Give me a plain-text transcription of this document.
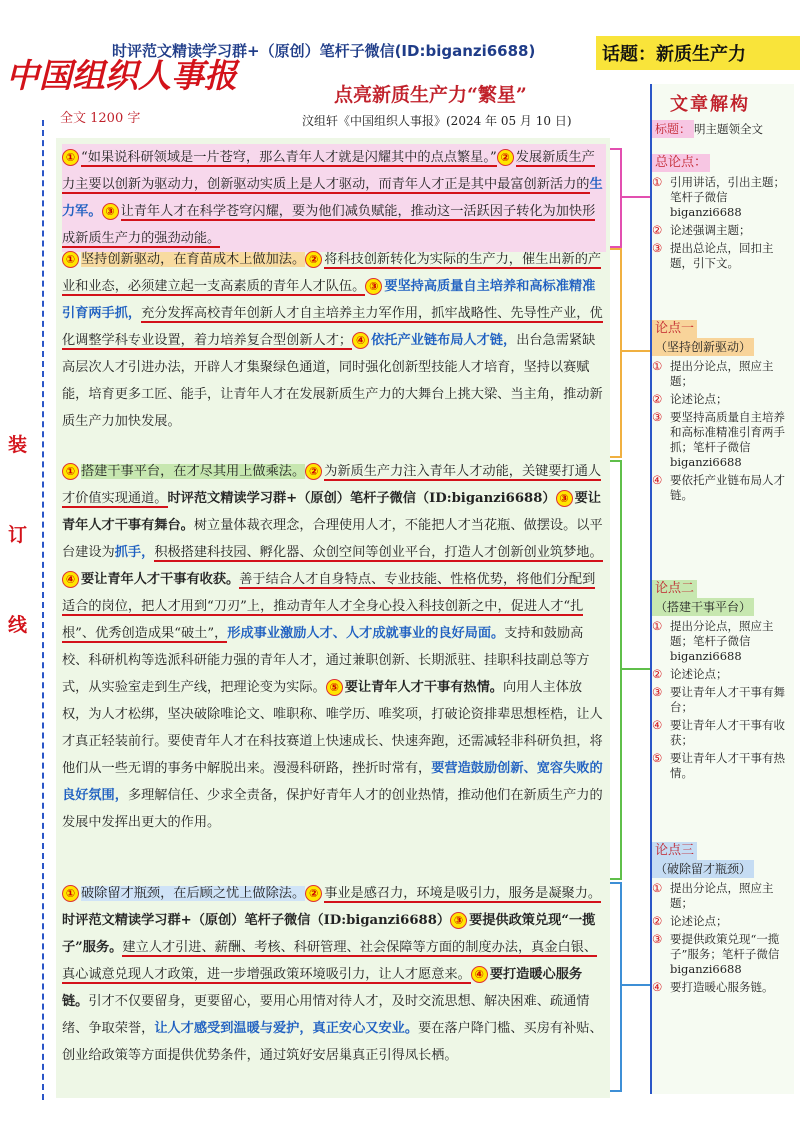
时评范文精读学习群+（原创）笔杆子微信(ID:biganzi6688)	话题：新质生产力
中国组织人事报	点亮新质生产力“繁星”
全文 1200 字	汶组轩《中国组织人事报》(2024 年 05 月 10 日)
装
订
线
① “如果说科研领域是一片苍穹，那么青年人才就是闪耀其中的点点繁星。” ② 发展新质生产力主要以创新为驱动力，创新驱动实质上是人才驱动，而青年人才正是其中最富创新活力的生力军。 ③ 让青年人才在科学苍穹闪耀，要为他们减负赋能，推动这一活跃因子转化为加快形成新质生产力的强劲动能。
① 坚持创新驱动，在育苗成木上做加法。 ② 将科技创新转化为实际的生产力，催生出新的产业和业态，必须建立起一支高素质的青年人才队伍。 ③ 要坚持高质量自主培养和高标准精准引育两手抓，充分发挥高校青年创新人才自主培养主力军作用，抓牢战略性、先导性产业，优化调整学科专业设置，着力培养复合型创新人才； ④ 依托产业链布局人才链，出台急需紧缺高层次人才引进办法，开辟人才集聚绿色通道，同时强化创新型技能人才培育，坚持以赛赋能，培育更多工匠、能手，让青年人才在发展新质生产力的大舞台上挑大梁、当主角，推动新质生产力加快发展。
① 搭建干事平台，在才尽其用上做乘法。 ② 为新质生产力注入青年人才动能，关键要打通人才价值实现通道。时评范文精读学习群+（原创）笔杆子微信（ID:biganzi6688） ③ 要让青年人才干事有舞台。树立量体裁衣理念，合理使用人才，不能把人才当花瓶、做摆设。以平台建设为抓手，积极搭建科技园、孵化器、众创空间等创业平台，打造人才创新创业筑梦地。④ 要让青年人才干事有收获。善于结合人才自身特点、专业技能、性格优势，将他们分配到适合的岗位，把人才用到“刀刃”上，推动青年人才全身心投入科技创新之中，促进人才“扎根”、优秀创造成果“破土”，形成事业激励人才、人才成就事业的良好局面。支持和鼓励高校、科研机构等选派科研能力强的青年人才，通过兼职创新、长期派驻、挂职科技副总等方式，从实验室走到生产线，把理论变为实际。 ⑤ 要让青年人才干事有热情。向用人主体放权，为人才松绑，坚决破除唯论文、唯职称、唯学历、唯奖项，打破论资排辈思想桎梏，让人才真正轻装前行。要使青年人才在科技赛道上快速成长、快速奔跑，还需减轻非科研负担，将他们从一些无谓的事务中解脱出来。漫漫科研路，挫折时常有，要营造鼓励创新、宽容失败的良好氛围，多理解信任、少求全责备，保护好青年人才的创业热情，推动他们在新质生产力的发展中发挥出更大的作用。
① 破除留才瓶颈，在后顾之忧上做除法。 ② 事业是感召力，环境是吸引力，服务是凝聚力。时评范文精读学习群+（原创）笔杆子微信（ID:biganzi6688） ③ 要提供政策兑现“一揽子”服务。建立人才引进、薪酬、考核、科研管理、社会保障等方面的制度办法，真金白银、真心诚意兑现人才政策，进一步增强政策环境吸引力，让人才愿意来。 ④ 要打造暖心服务链。引才不仅要留身，更要留心，要用心用情对待人才，及时交流思想、解决困难、疏通情绪、争取荣誉，让人才感受到温暖与爱护，真正安心又安业。要在落户降门槛、买房有补贴、创业给政策等方面提供优势条件，通过筑好安居巢真正引得凤长栖。
文章解构
标题： 明主题领全文
总论点：
① 引用讲话，引出主题；笔杆子微信 biganzi6688
② 论述强调主题；
③ 提出总论点，回扣主题，引下文。
论点一
（坚持创新驱动）
① 提出分论点，照应主题；
② 论述论点；
③ 要坚持高质量自主培养和高标准精准引育两手抓；笔杆子微信 biganzi6688
④ 要依托产业链布局人才链。
论点二
（搭建干事平台）
① 提出分论点，照应主题；笔杆子微信 biganzi6688
② 论述论点；
③ 要让青年人才干事有舞台；
④ 要让青年人才干事有收获；
⑤ 要让青年人才干事有热情。
论点三
（破除留才瓶颈）
① 提出分论点，照应主题；
② 论述论点；
③ 要提供政策兑现“一揽子”服务；笔杆子微信 biganzi6688
④ 要打造暖心服务链。
